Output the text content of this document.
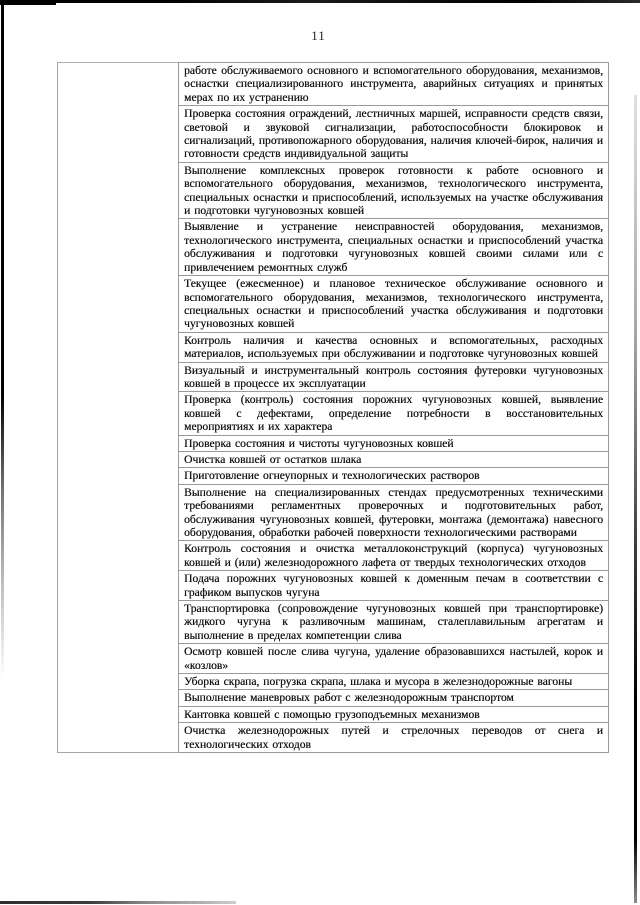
11
работе обслуживаемого основного и вспомогательного оборудования, механизмов, оснастки специализированного инструмента, аварийных ситуациях и принятых мерах по их устранению
Проверка состояния ограждений, лестничных маршей, исправности средств связи, световой и звуковой сигнализации, работоспособности блокировок и сигнализаций, противопожарного оборудования, наличия ключей-бирок, наличия и готовности средств индивидуальной защиты
Выполнение комплексных проверок готовности к работе основного и вспомогательного оборудования, механизмов, технологического инструмента, специальных оснастки и приспособлений, используемых на участке обслуживания и подготовки чугуновозных ковшей
Выявление и устранение неисправностей оборудования, механизмов, технологического инструмента, специальных оснастки и приспособлений участка обслуживания и подготовки чугуновозных ковшей своими силами или с привлечением ремонтных служб
Текущее (ежесменное) и плановое техническое обслуживание основного и вспомогательного оборудования, механизмов, технологического инструмента, специальных оснастки и приспособлений участка обслуживания и подготовки чугуновозных ковшей
Контроль наличия и качества основных и вспомогательных, расходных материалов, используемых при обслуживании и подготовке чугуновозных ковшей
Визуальный и инструментальный контроль состояния футеровки чугуновозных ковшей в процессе их эксплуатации
Проверка (контроль) состояния порожних чугуновозных ковшей, выявление ковшей с дефектами, определение потребности в восстановительных мероприятиях и их характера
Проверка состояния и чистоты чугуновозных ковшей
Очистка ковшей от остатков шлака
Приготовление огнеупорных и технологических растворов
Выполнение на специализированных стендах предусмотренных техническими требованиями регламентных проверочных и подготовительных работ, обслуживания чугуновозных ковшей, футеровки, монтажа (демонтажа) навесного оборудования, обработки рабочей поверхности технологическими растворами
Контроль состояния и очистка металлоконструкций (корпуса) чугуновозных ковшей и (или) железнодорожного лафета от твердых технологических отходов
Подача порожних чугуновозных ковшей к доменным печам в соответствии с графиком выпусков чугуна
Транспортировка (сопровождение чугуновозных ковшей при транспортировке) жидкого чугуна к разливочным машинам, сталеплавильным агрегатам и выполнение в пределах компетенции слива
Осмотр ковшей после слива чугуна, удаление образовавшихся настылей, корок и «козлов»
Уборка скрапа, погрузка скрапа, шлака и мусора в железнодорожные вагоны
Выполнение маневровых работ с железнодорожным транспортом
Кантовка ковшей с помощью грузоподъемных механизмов
Очистка железнодорожных путей и стрелочных переводов от снега и технологических отходов
